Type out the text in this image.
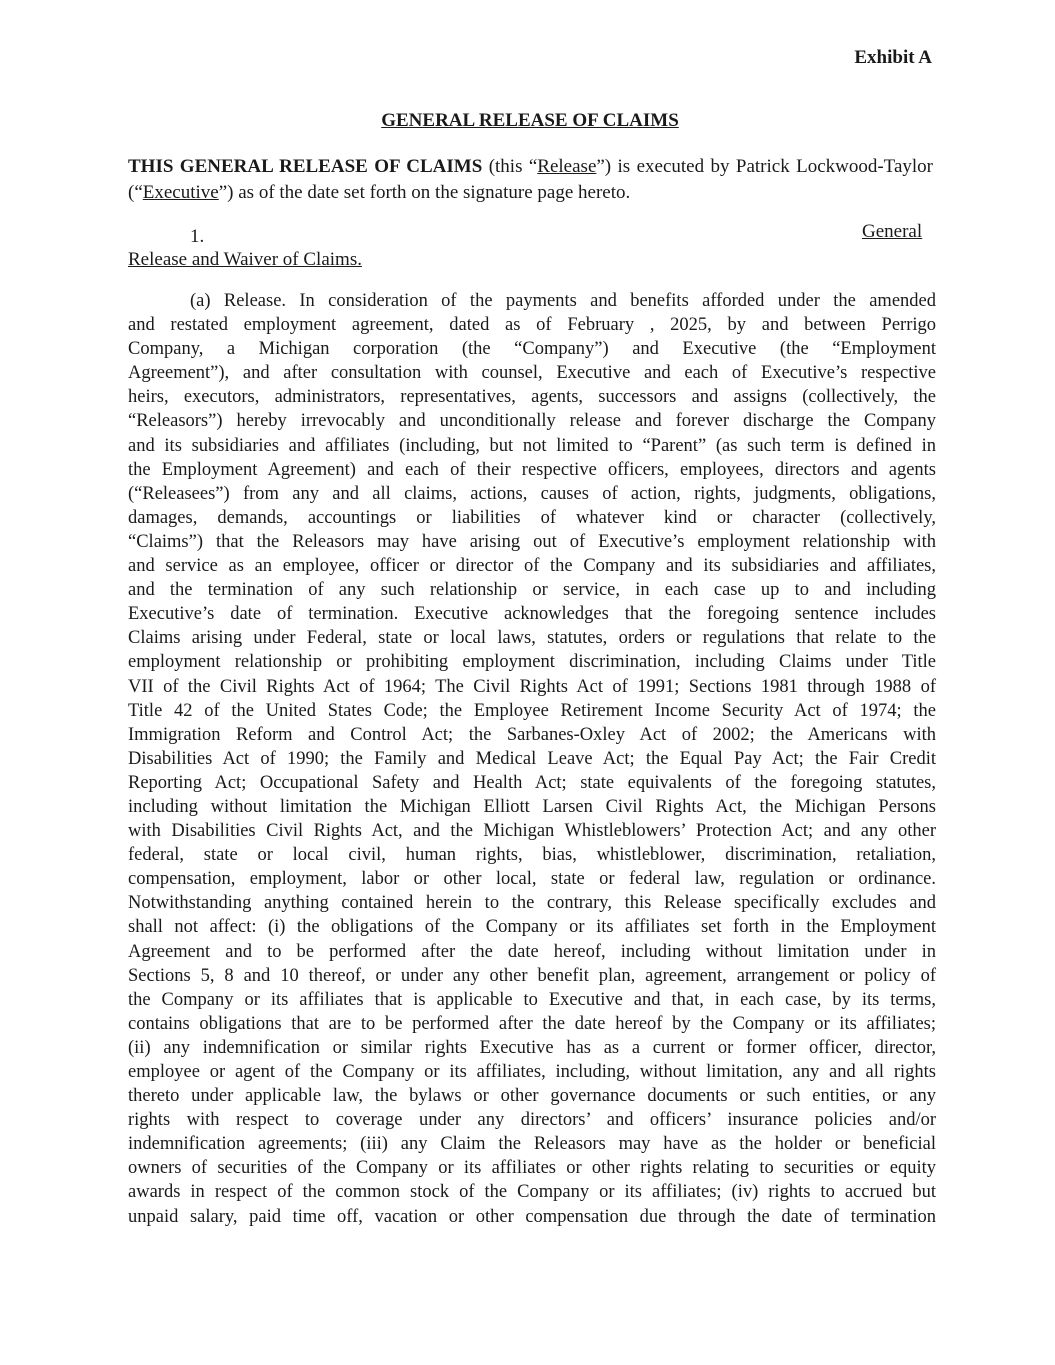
Exhibit A
GENERAL RELEASE OF CLAIMS
THIS GENERAL RELEASE OF CLAIMS (this “Release”) is executed by Patrick Lockwood-Taylor (“Executive”) as of the date set forth on the signature page hereto.
1.	General
Release and Waiver of Claims.
(a) Release. In consideration of the payments and benefits afforded under the amended
and restated employment agreement, dated as of February , 2025, by and between Perrigo
Company, a Michigan corporation (the “Company”) and Executive (the “Employment
Agreement”), and after consultation with counsel, Executive and each of Executive’s respective
heirs, executors, administrators, representatives, agents, successors and assigns (collectively, the
“Releasors”) hereby irrevocably and unconditionally release and forever discharge the Company
and its subsidiaries and affiliates (including, but not limited to “Parent” (as such term is defined in
the Employment Agreement) and each of their respective officers, employees, directors and agents
(“Releasees”) from any and all claims, actions, causes of action, rights, judgments, obligations,
damages, demands, accountings or liabilities of whatever kind or character (collectively,
“Claims”) that the Releasors may have arising out of Executive’s employment relationship with
and service as an employee, officer or director of the Company and its subsidiaries and affiliates,
and the termination of any such relationship or service, in each case up to and including
Executive’s date of termination. Executive acknowledges that the foregoing sentence includes
Claims arising under Federal, state or local laws, statutes, orders or regulations that relate to the
employment relationship or prohibiting employment discrimination, including Claims under Title
VII of the Civil Rights Act of 1964; The Civil Rights Act of 1991; Sections 1981 through 1988 of
Title 42 of the United States Code; the Employee Retirement Income Security Act of 1974; the
Immigration Reform and Control Act; the Sarbanes-Oxley Act of 2002; the Americans with
Disabilities Act of 1990; the Family and Medical Leave Act; the Equal Pay Act; the Fair Credit
Reporting Act; Occupational Safety and Health Act; state equivalents of the foregoing statutes,
including without limitation the Michigan Elliott Larsen Civil Rights Act, the Michigan Persons
with Disabilities Civil Rights Act, and the Michigan Whistleblowers’ Protection Act; and any other
federal, state or local civil, human rights, bias, whistleblower, discrimination, retaliation,
compensation, employment, labor or other local, state or federal law, regulation or ordinance.
Notwithstanding anything contained herein to the contrary, this Release specifically excludes and
shall not affect: (i) the obligations of the Company or its affiliates set forth in the Employment
Agreement and to be performed after the date hereof, including without limitation under in
Sections 5, 8 and 10 thereof, or under any other benefit plan, agreement, arrangement or policy of
the Company or its affiliates that is applicable to Executive and that, in each case, by its terms,
contains obligations that are to be performed after the date hereof by the Company or its affiliates;
(ii) any indemnification or similar rights Executive has as a current or former officer, director,
employee or agent of the Company or its affiliates, including, without limitation, any and all rights
thereto under applicable law, the bylaws or other governance documents or such entities, or any
rights with respect to coverage under any directors’ and officers’ insurance policies and/or
indemnification agreements; (iii) any Claim the Releasors may have as the holder or beneficial
owners of securities of the Company or its affiliates or other rights relating to securities or equity
awards in respect of the common stock of the Company or its affiliates; (iv) rights to accrued but
unpaid salary, paid time off, vacation or other compensation due through the date of termination
